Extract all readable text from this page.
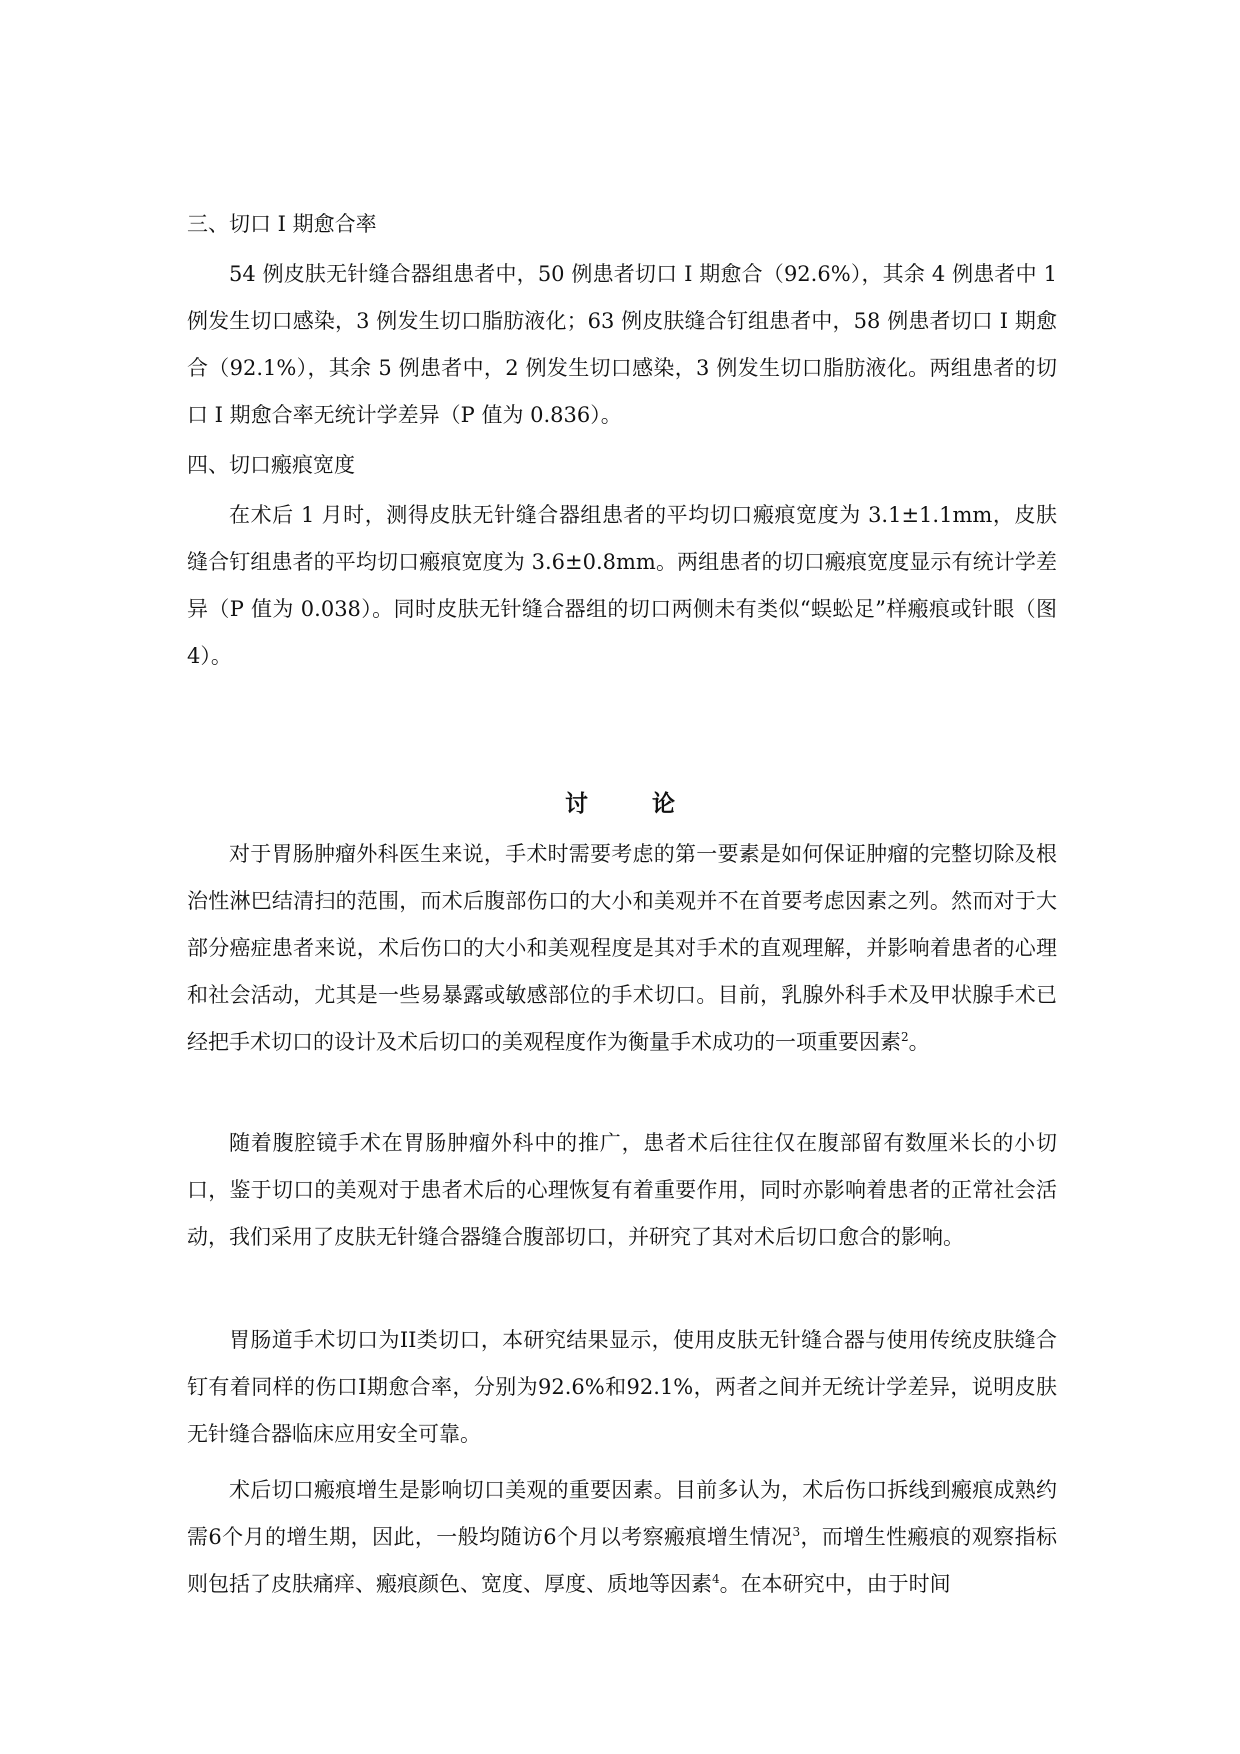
三、切口 I 期愈合率
54 例皮肤无针缝合器组患者中，50 例患者切口 I 期愈合（92.6%），其余 4 例患者中 1 例发生切口感染，3 例发生切口脂肪液化；63 例皮肤缝合钉组患者中，58 例患者切口 I 期愈合（92.1%），其余 5 例患者中，2 例发生切口感染，3 例发生切口脂肪液化。两组患者的切口 I 期愈合率无统计学差异（P 值为 0.836）。
四、切口瘢痕宽度
在术后 1 月时，测得皮肤无针缝合器组患者的平均切口瘢痕宽度为 3.1±1.1mm，皮肤缝合钉组患者的平均切口瘢痕宽度为 3.6±0.8mm。两组患者的切口瘢痕宽度显示有统计学差异（P 值为 0.038）。同时皮肤无针缝合器组的切口两侧未有类似“蜈蚣足”样瘢痕或针眼（图 4）。
讨论
对于胃肠肿瘤外科医生来说，手术时需要考虑的第一要素是如何保证肿瘤的完整切除及根治性淋巴结清扫的范围，而术后腹部伤口的大小和美观并不在首要考虑因素之列。然而对于大部分癌症患者来说，术后伤口的大小和美观程度是其对手术的直观理解，并影响着患者的心理和社会活动，尤其是一些易暴露或敏感部位的手术切口。目前，乳腺外科手术及甲状腺手术已经把手术切口的设计及术后切口的美观程度作为衡量手术成功的一项重要因素$^2$。
随着腹腔镜手术在胃肠肿瘤外科中的推广，患者术后往往仅在腹部留有数厘米长的小切口，鉴于切口的美观对于患者术后的心理恢复有着重要作用，同时亦影响着患者的正常社会活动，我们采用了皮肤无针缝合器缝合腹部切口，并研究了其对术后切口愈合的影响。
胃肠道手术切口为II类切口，本研究结果显示，使用皮肤无针缝合器与使用传统皮肤缝合钉有着同样的伤口I期愈合率，分别为92.6%和92.1%，两者之间并无统计学差异，说明皮肤无针缝合器临床应用安全可靠。
术后切口瘢痕增生是影响切口美观的重要因素。目前多认为，术后伤口拆线到瘢痕成熟约需6个月的增生期，因此，一般均随访6个月以考察瘢痕增生情况$^3$，而增生性瘢痕的观察指标则包括了皮肤痛痒、瘢痕颜色、宽度、厚度、质地等因素$^4$。在本研究中，由于时间
